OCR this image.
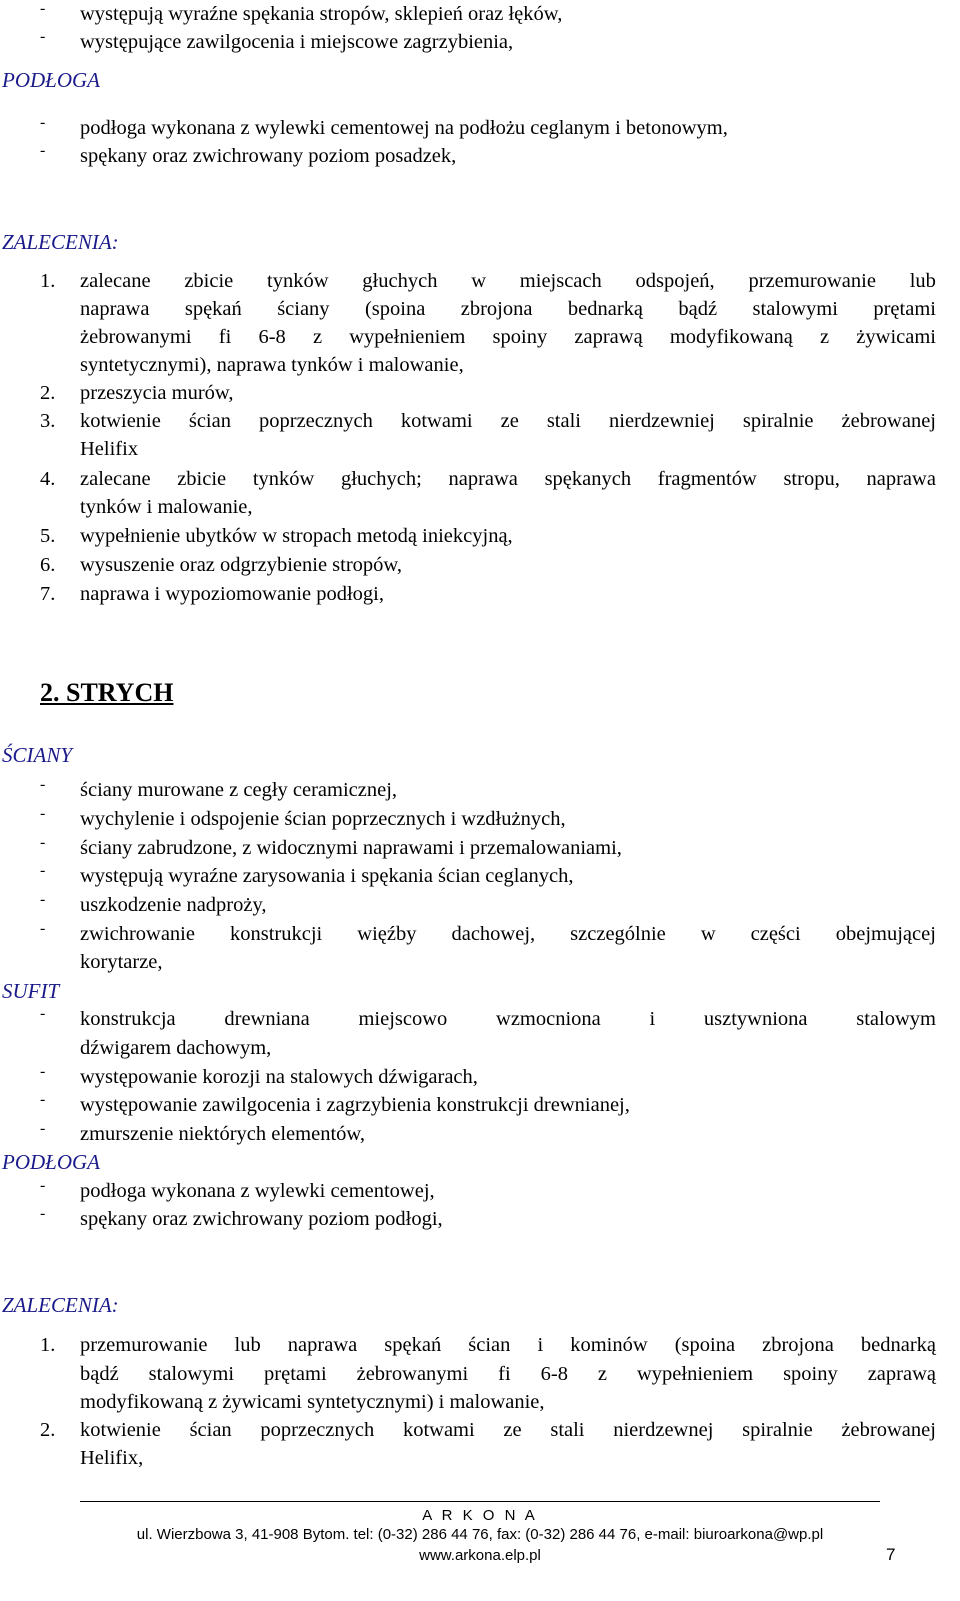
- występują wyraźne spękania stropów, sklepień oraz łęków,
- występujące zawilgocenia i miejscowe zagrzybienia,
PODŁOGA
- podłoga wykonana z wylewki cementowej na podłożu ceglanym i betonowym,
- spękany oraz zwichrowany poziom posadzek,
ZALECENIA:
1. zalecane zbicie tynków głuchych w miejscach odspojeń, przemurowanie lub
naprawa spękań ściany (spoina zbrojona bednarką bądź stalowymi prętami
żebrowanymi fi 6-8 z wypełnieniem spoiny zaprawą modyfikowaną z żywicami
syntetycznymi), naprawa tynków i malowanie,
2. przeszycia murów,
3. kotwienie ścian poprzecznych kotwami ze stali nierdzewniej spiralnie żebrowanej
Helifix
4. zalecane zbicie tynków głuchych; naprawa spękanych fragmentów stropu, naprawa
tynków i malowanie,
5. wypełnienie ubytków w stropach metodą iniekcyjną,
6. wysuszenie oraz odgrzybienie stropów,
7. naprawa i wypoziomowanie podłogi,
2. STRYCH
ŚCIANY
- ściany murowane z cegły ceramicznej,
- wychylenie i odspojenie ścian poprzecznych i wzdłużnych,
- ściany zabrudzone, z widocznymi naprawami i przemalowaniami,
- występują wyraźne zarysowania i spękania ścian ceglanych,
- uszkodzenie nadproży,
- zwichrowanie konstrukcji więźby dachowej, szczególnie w części obejmującej
korytarze,
SUFIT
- konstrukcja drewniana miejscowo wzmocniona i usztywniona stalowym
dźwigarem dachowym,
- występowanie korozji na stalowych dźwigarach,
- występowanie zawilgocenia i zagrzybienia konstrukcji drewnianej,
- zmurszenie niektórych elementów,
PODŁOGA
- podłoga wykonana z wylewki cementowej,
- spękany oraz zwichrowany poziom podłogi,
ZALECENIA:
1. przemurowanie lub naprawa spękań ścian i kominów (spoina zbrojona bednarką
bądź stalowymi prętami żebrowanymi fi 6-8 z wypełnieniem spoiny zaprawą
modyfikowaną z żywicami syntetycznymi) i malowanie,
2. kotwienie ścian poprzecznych kotwami ze stali nierdzewnej spiralnie żebrowanej
Helifix,
A R K O N A
ul. Wierzbowa 3, 41-908 Bytom. tel: (0-32) 286 44 76, fax: (0-32) 286 44 76, e-mail: biuroarkona@wp.pl
www.arkona.elp.pl	7
